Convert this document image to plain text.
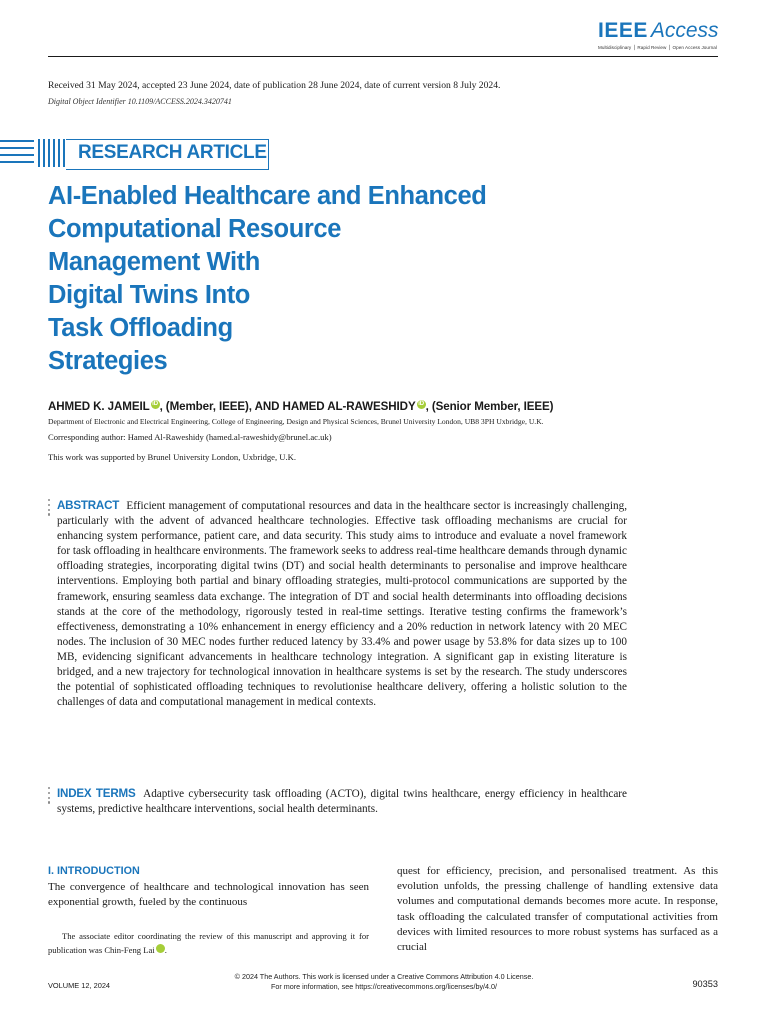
IEEE Access
Multidisciplinary ⎪ Rapid Review ⎪ Open Access Journal
Received 31 May 2024, accepted 23 June 2024, date of publication 28 June 2024, date of current version 8 July 2024.
Digital Object Identifier 10.1109/ACCESS.2024.3420741
RESEARCH ARTICLE
AI-Enabled Healthcare and Enhanced
Computational Resource
Management With
Digital Twins Into
Task Offloading
Strategies
AHMED K. JAMEIL iD , (Member, IEEE), AND HAMED AL-RAWESHIDY iD , (Senior Member, IEEE)
Department of Electronic and Electrical Engineering, College of Engineering, Design and Physical Sciences, Brunel University London, UB8 3PH Uxbridge, U.K.
Corresponding author: Hamed Al-Raweshidy (hamed.al-raweshidy@brunel.ac.uk)
This work was supported by Brunel University London, Uxbridge, U.K.
ABSTRACT Efficient management of computational resources and data in the healthcare sector is increasingly challenging, particularly with the advent of advanced healthcare technologies. Effective task offloading mechanisms are crucial for enhancing system performance, patient care, and data security. This study aims to introduce and evaluate a novel framework for task offloading in healthcare environments. The framework seeks to address real-time healthcare demands through dynamic offloading strategies, incorporating digital twins (DT) and social health determinants to personalise and improve healthcare interventions. Employing both partial and binary offloading strategies, multi-protocol communications are supported by the framework, ensuring seamless data exchange. The integration of DT and social health determinants into offloading decisions stands at the core of the methodology, rigorously tested in real-time settings. Iterative testing confirms the framework’s effectiveness, demonstrating a 10% enhancement in energy efficiency and a 20% reduction in network latency with 20 MEC nodes. The inclusion of 30 MEC nodes further reduced latency by 33.4% and power usage by 53.8% for data sizes up to 100 MB, evidencing significant advancements in healthcare technology integration. A significant gap in existing literature is bridged, and a new trajectory for technological innovation in healthcare systems is set by the research. The study underscores the potential of sophisticated offloading techniques to revolutionise healthcare delivery, offering a holistic solution to the challenges of data and computational management in medical contexts.
INDEX TERMS Adaptive cybersecurity task offloading (ACTO), digital twins healthcare, energy efficiency in healthcare systems, predictive healthcare interventions, social health determinants.
I. INTRODUCTION
The convergence of healthcare and technological innovation has seen exponential growth, fueled by the continuous
The associate editor coordinating the review of this manuscript and approving it for publication was Chin-Feng Lai	iD.
quest for efficiency, precision, and personalised treatment. As this evolution unfolds, the pressing challenge of handling extensive data volumes and computational demands becomes more acute. In response, task offloading the calculated transfer of computational activities from devices with limited resources to more robust systems has surfaced as a crucial
© 2024 The Authors. This work is licensed under a Creative Commons Attribution 4.0 License.
For more information, see https://creativecommons.org/licenses/by/4.0/
VOLUME 12, 2024	90353
